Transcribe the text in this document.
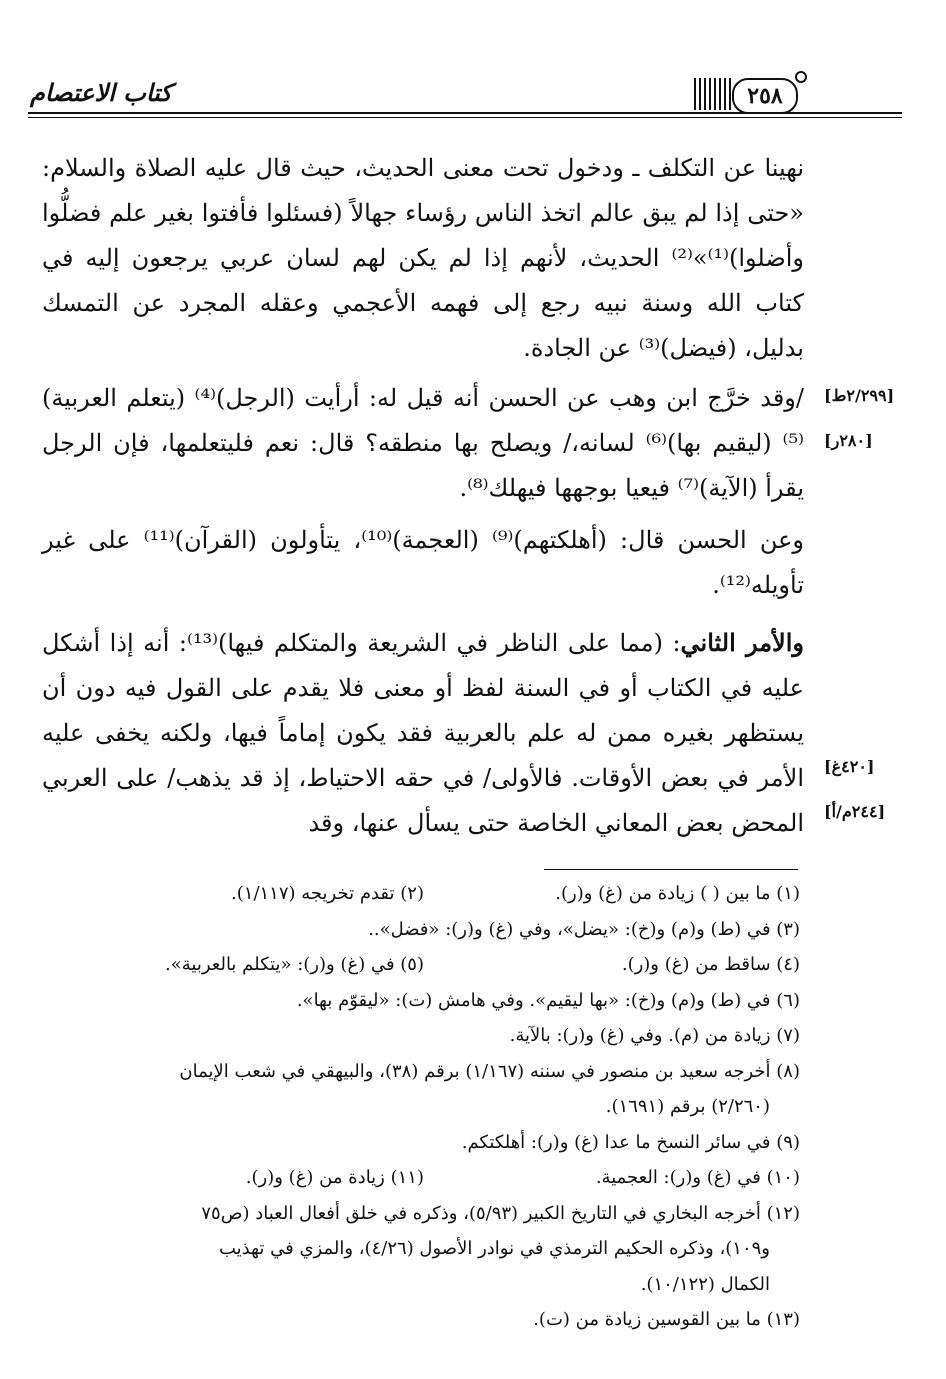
كتاب الاعتصام	٢٥٨

نهينا عن التكلف ـ ودخول تحت معنى الحديث، حيث قال عليه الصلاة والسلام: «حتى إذا لم يبق عالم اتخذ الناس رؤساء جهالاً (فسئلوا فأفتوا بغير علم فضلُّوا وأضلوا)⁽¹⁾»⁽²⁾ الحديث، لأنهم إذا لم يكن لهم لسان عربي يرجعون إليه في كتاب الله وسنة نبيه رجع إلى فهمه الأعجمي وعقله المجرد عن التمسك بدليل، (فيضل)⁽³⁾ عن الجادة.

/وقد خرَّج ابن وهب عن الحسن أنه قيل له: أرأيت (الرجل)⁽⁴⁾ (يتعلم العربية)⁽⁵⁾ (ليقيم بها)⁽⁶⁾ لسانه،/ ويصلح بها منطقه؟ قال: نعم فليتعلمها، فإن الرجل يقرأ (الآية)⁽⁷⁾ فيعيا بوجهها فيهلك⁽⁸⁾.

وعن الحسن قال: (أهلكتهم)⁽⁹⁾ (العجمة)⁽¹⁰⁾، يتأولون (القرآن)⁽¹¹⁾ على غير تأويله⁽¹²⁾.

والأمر الثاني: (مما على الناظر في الشريعة والمتكلم فيها)⁽¹³⁾: أنه إذا أشكل عليه في الكتاب أو في السنة لفظ أو معنى فلا يقدم على القول فيه دون أن يستظهر بغيره ممن له علم بالعربية فقد يكون إماماً فيها، ولكنه يخفى عليه الأمر في بعض الأوقات. فالأولى/ في حقه الاحتياط، إذ قد يذهب/ على العربي المحض بعض المعاني الخاصة حتى يسأل عنها، وقد

[٢/٢٩٩ط]
[٢٨٠ر]
[٤٢٠غ]
[٢٤٤م/أ]
(١) ما بين ( ) زيادة من (غ) و(ر).
(٢) تقدم تخريجه (١/١١٧).
(٣) في (ط) و(م) و(خ): «يضل»، وفي (غ) و(ر): «فضل»..
(٤) ساقط من (غ) و(ر).
(٥) في (غ) و(ر): «يتكلم بالعربية».
(٦) في (ط) و(م) و(خ): «بها ليقيم». وفي هامش (ت): «ليقوّم بها».
(٧) زيادة من (م). وفي (غ) و(ر): بالآية.
(٨) أخرجه سعيد بن منصور في سننه (١/١٦٧) برقم (٣٨)، والبيهقي في شعب الإيمان
(٢/٢٦٠) برقم (١٦٩١).
(٩) في سائر النسخ ما عدا (غ) و(ر): أهلكتكم.
(١٠) في (غ) و(ر): العجمية.
(١١) زيادة من (غ) و(ر).
(١٢) أخرجه البخاري في التاريخ الكبير (٥/٩٣)، وذكره في خلق أفعال العباد (ص٧٥
و١٠٩)، وذكره الحكيم الترمذي في نوادر الأصول (٤/٢٦)، والمزي في تهذيب
الكمال (١٠/١٢٢).
(١٣) ما بين القوسين زيادة من (ت).
